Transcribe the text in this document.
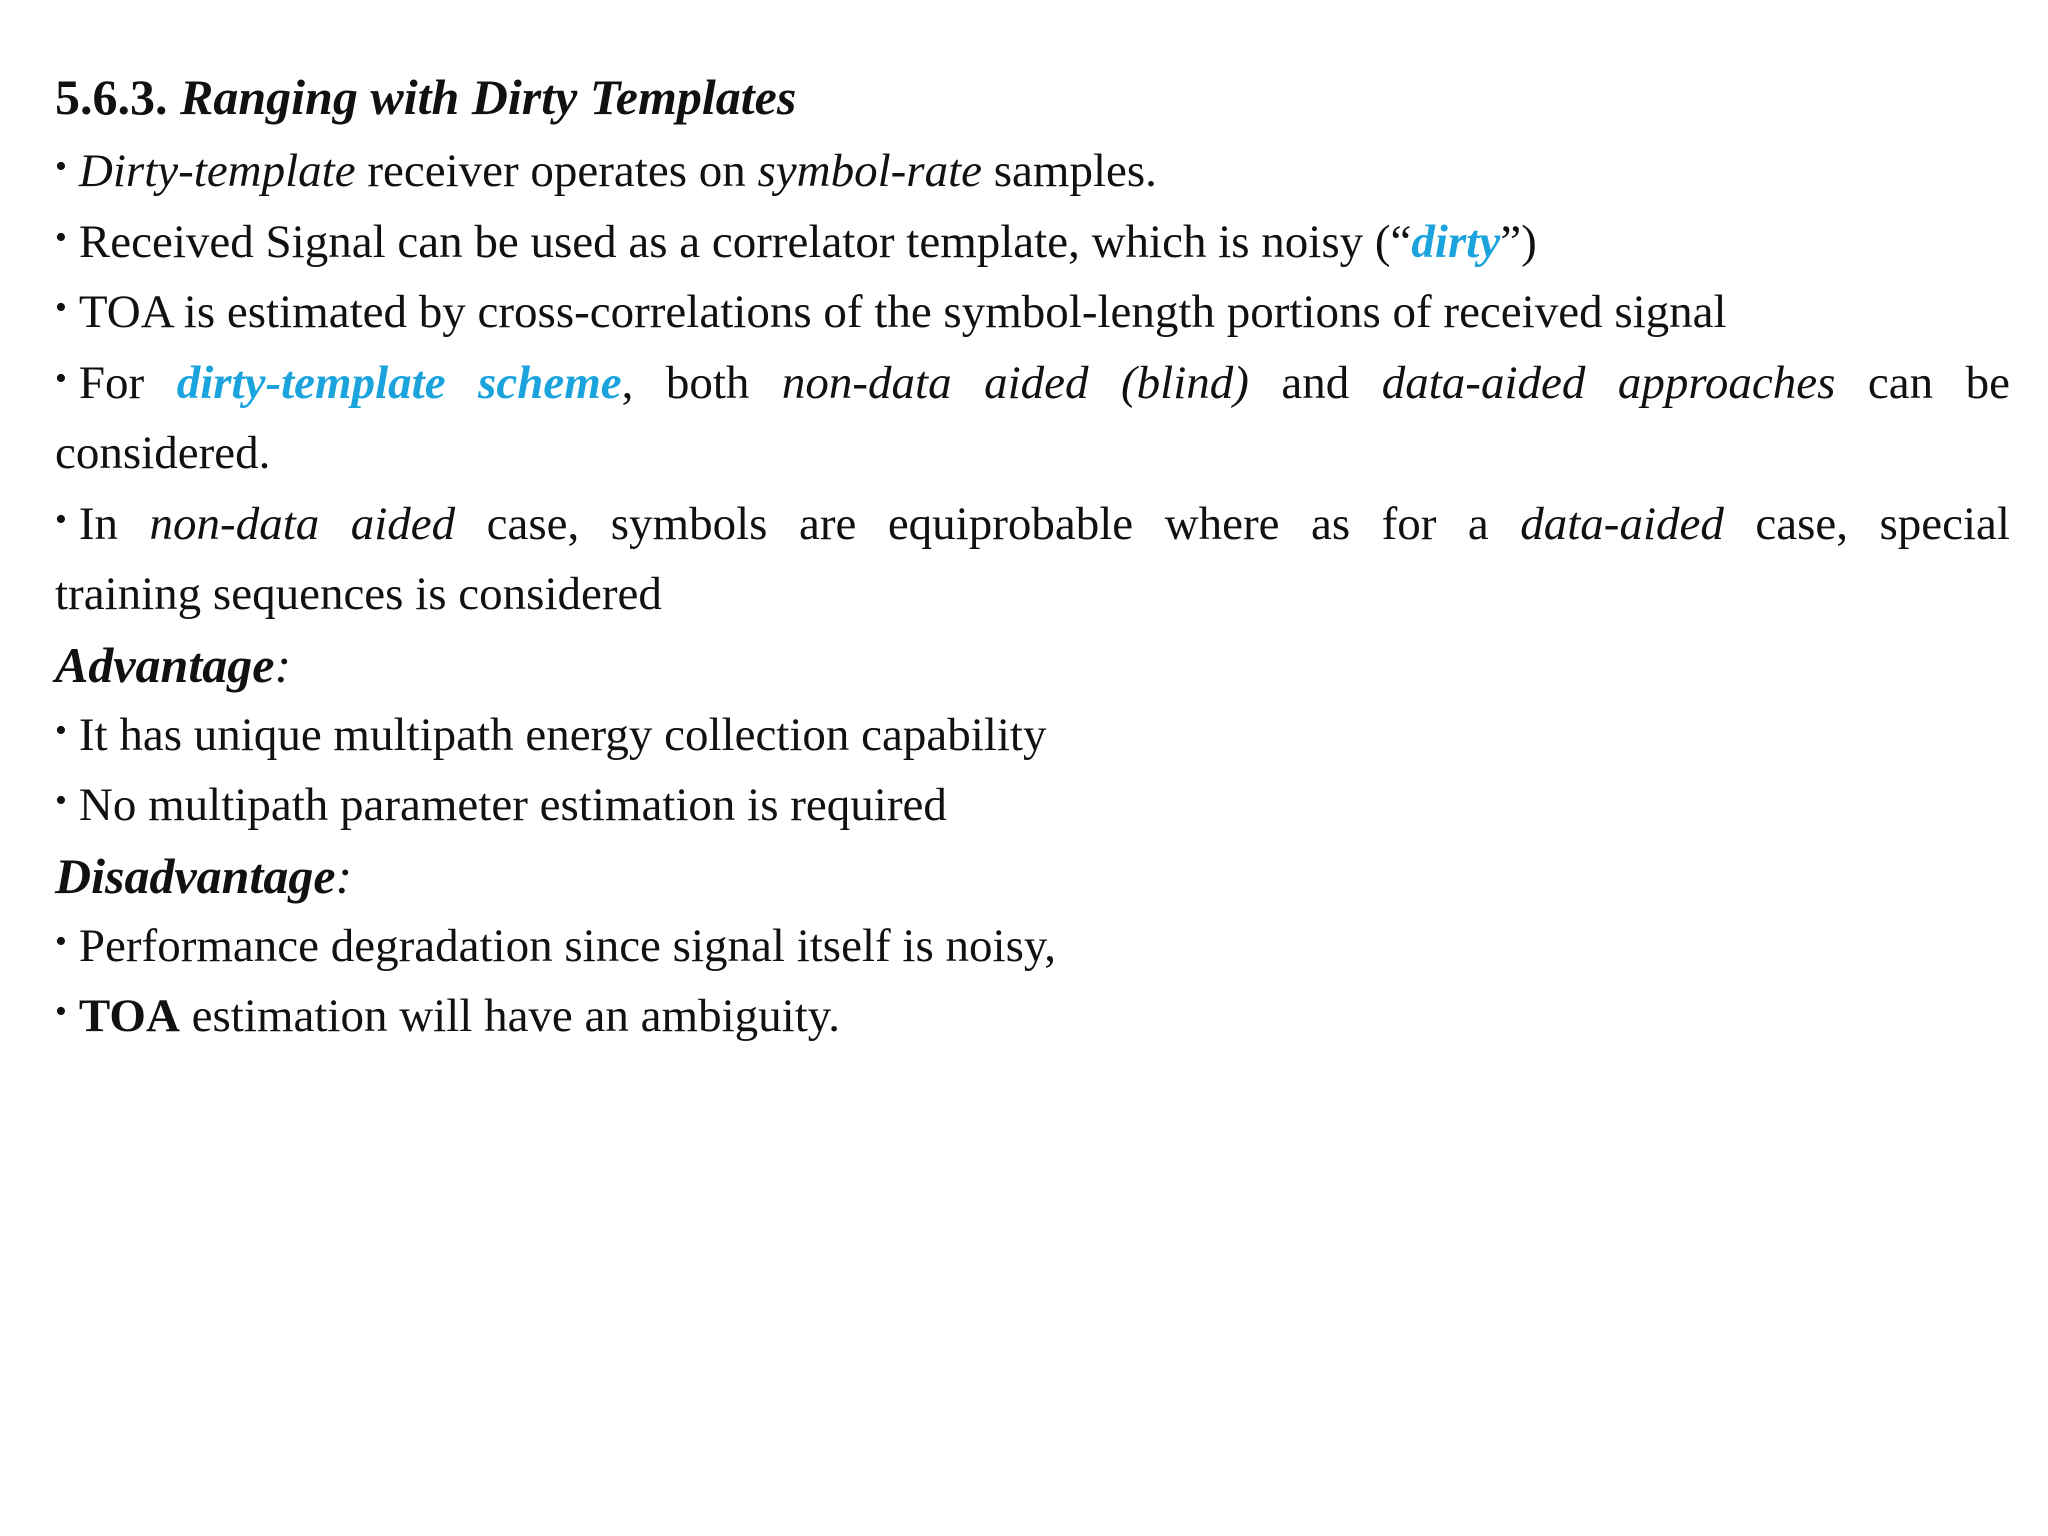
5.6.3. Ranging with Dirty Templates
• Dirty-template receiver operates on symbol-rate samples.
• Received Signal can be used as a correlator template, which is noisy (“dirty”)
• TOA is estimated by cross-correlations of the symbol-length portions of received signal
• For dirty-template scheme, both non-data aided (blind) and data-aided approaches can be
considered.
• In non-data aided case, symbols are equiprobable where as for a data-aided case, special
training sequences is considered
Advantage:
• It has unique multipath energy collection capability
• No multipath parameter estimation is required
Disadvantage:
• Performance degradation since signal itself is noisy,
• TOA estimation will have an ambiguity.
